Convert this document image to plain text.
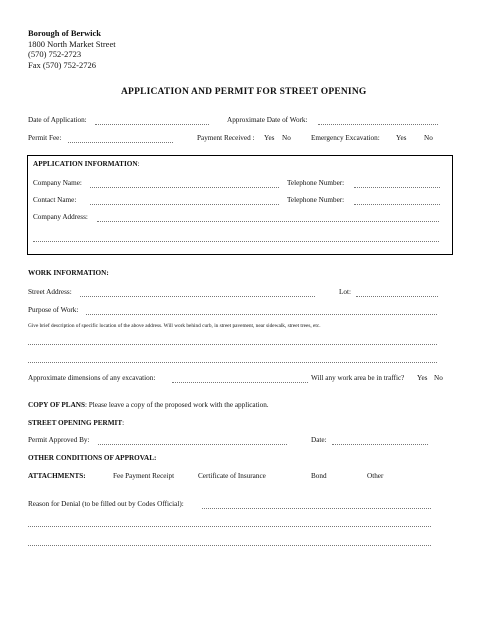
Borough of Berwick
1800 North Market Street
(570) 752-2723
Fax (570) 752-2726
APPLICATION AND PERMIT FOR STREET OPENING
Date of Application:	Approximate Date of Work:
Permit Fee:	Payment Received : Yes No	Emergency Excavation: Yes No
APPLICATION INFORMATION:
Company Name:	Telephone Number:
Contact Name:	Telephone Number:
Company Address:
WORK INFORMATION:
Street Address:	Lot:
Purpose of Work:
Give brief description of specific location of the above address. Will work behind curb, in street pavement, near sidewalk, street trees, etc.
Approximate dimensions of any excavation:	Will any work area be in traffic? Yes No
COPY OF PLANS: Please leave a copy of the proposed work with the application.
STREET OPENING PERMIT:
Permit Approved By:	Date:
OTHER CONDITIONS OF APPROVAL:
ATTACHMENTS:	Fee Payment Receipt	Certificate of Insurance	Bond	Other
Reason for Denial (to be filled out by Codes Official):
